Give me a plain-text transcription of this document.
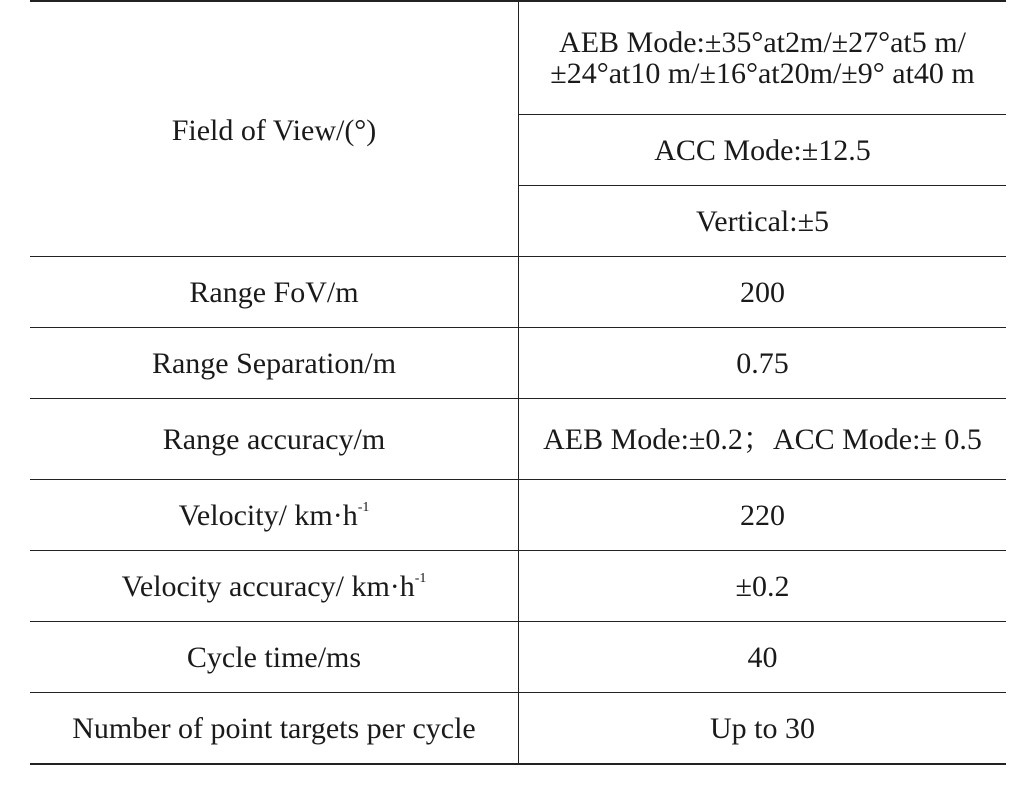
Field of View/(°)	AEB Mode:±35°at2m/±27°at5 m/±24°at10 m/±16°at20m/±9° at40 m
	ACC Mode:±12.5
	Vertical:±5
Range FoV/m	200
Range Separation/m	0.75
Range accuracy/m	AEB Mode:±0.2；ACC Mode:± 0.5
Velocity/ $km\cdot h^{-1}$	220
Velocity accuracy/ $km\cdot h^{-1}$	±0.2
Cycle time/ms	40
Number of point targets per cycle	Up to 30
